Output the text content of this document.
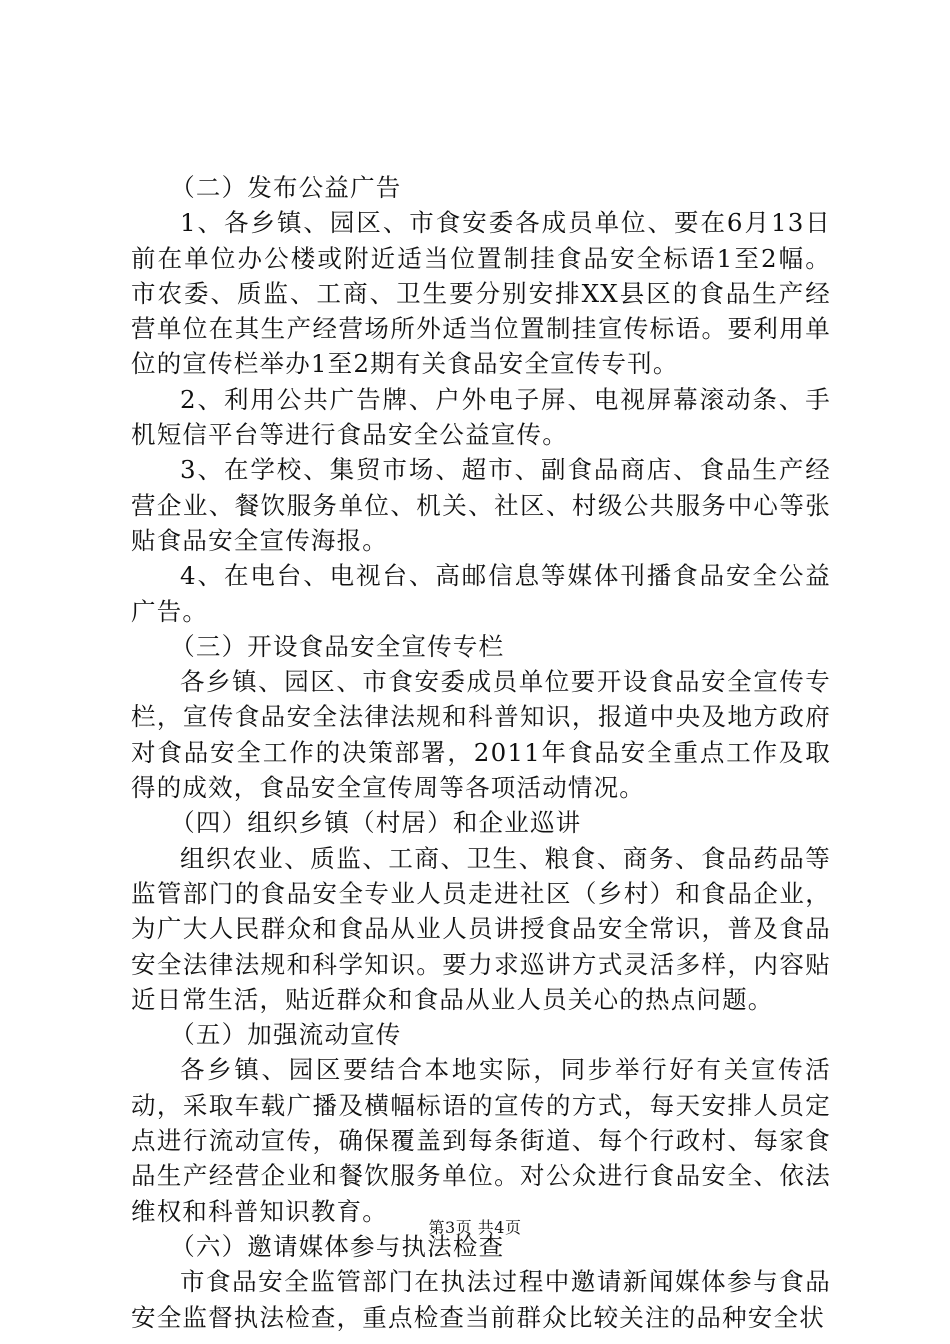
（二）发布公益广告

1、各乡镇、园区、市食安委各成员单位、要在6月13日前在单位办公楼或附近适当位置制挂食品安全标语1至2幅。市农委、质监、工商、卫生要分别安排XX县区的食品生产经营单位在其生产经营场所外适当位置制挂宣传标语。要利用单位的宣传栏举办1至2期有关食品安全宣传专刊。

2、利用公共广告牌、户外电子屏、电视屏幕滚动条、手机短信平台等进行食品安全公益宣传。

3、在学校、集贸市场、超市、副食品商店、食品生产经营企业、餐饮服务单位、机关、社区、村级公共服务中心等张贴食品安全宣传海报。

4、在电台、电视台、高邮信息等媒体刊播食品安全公益广告。

（三）开设食品安全宣传专栏

各乡镇、园区、市食安委成员单位要开设食品安全宣传专栏，宣传食品安全法律法规和科普知识，报道中央及地方政府对食品安全工作的决策部署，2011年食品安全重点工作及取得的成效，食品安全宣传周等各项活动情况。

（四）组织乡镇（村居）和企业巡讲

组织农业、质监、工商、卫生、粮食、商务、食品药品等监管部门的食品安全专业人员走进社区（乡村）和食品企业，为广大人民群众和食品从业人员讲授食品安全常识，普及食品安全法律法规和科学知识。要力求巡讲方式灵活多样，内容贴近日常生活，贴近群众和食品从业人员关心的热点问题。

（五）加强流动宣传

各乡镇、园区要结合本地实际，同步举行好有关宣传活动，采取车载广播及横幅标语的宣传的方式，每天安排人员定点进行流动宣传，确保覆盖到每条街道、每个行政村、每家食品生产经营企业和餐饮服务单位。对公众进行食品安全、依法维权和科普知识教育。

（六）邀请媒体参与执法检查

市食品安全监管部门在执法过程中邀请新闻媒体参与食品安全监督执法检查，重点检查当前群众比较关注的品种安全状

第3页 共4页
